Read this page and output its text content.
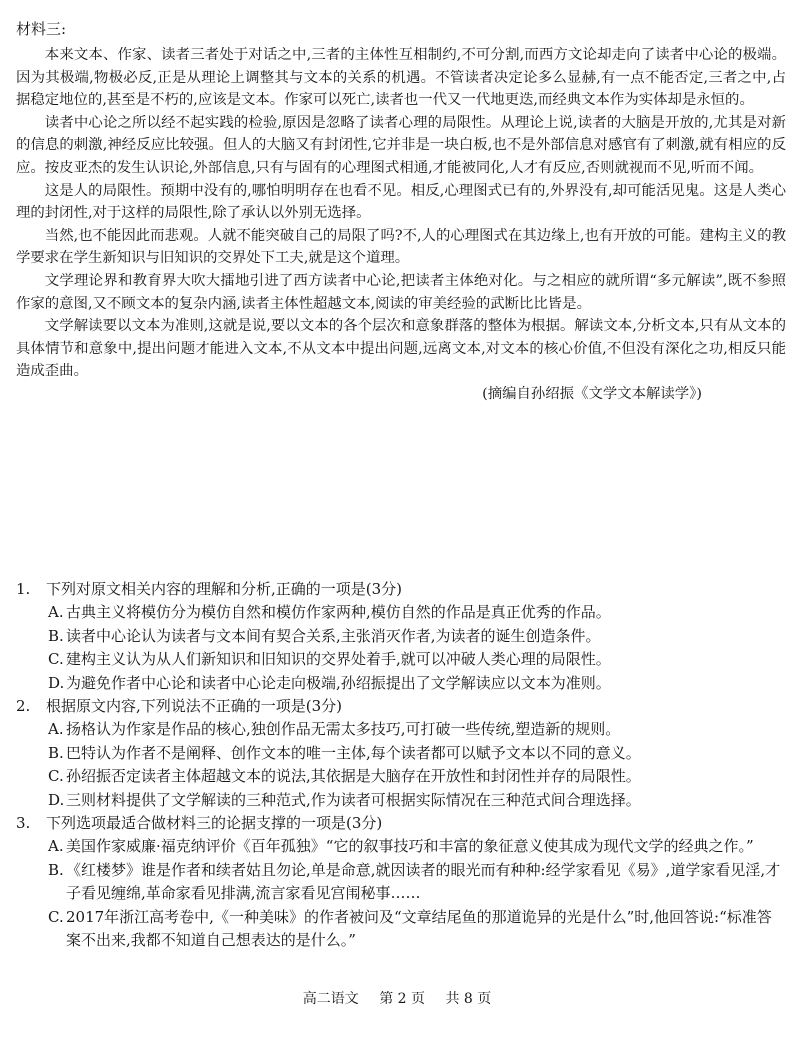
材料三:

本来文本、作家、读者三者处于对话之中,三者的主体性互相制约,不可分割,而西方文论却走向了读者中心论的极端。因为其极端,物极必反,正是从理论上调整其与文本的关系的机遇。不管读者决定论多么显赫,有一点不能否定,三者之中,占据稳定地位的,甚至是不朽的,应该是文本。作家可以死亡,读者也一代又一代地更迭,而经典文本作为实体却是永恒的。

读者中心论之所以经不起实践的检验,原因是忽略了读者心理的局限性。从理论上说,读者的大脑是开放的,尤其是对新的信息的刺激,神经反应比较强。但人的大脑又有封闭性,它并非是一块白板,也不是外部信息对感官有了刺激,就有相应的反应。按皮亚杰的发生认识论,外部信息,只有与固有的心理图式相通,才能被同化,人才有反应,否则就视而不见,听而不闻。

这是人的局限性。预期中没有的,哪怕明明存在也看不见。相反,心理图式已有的,外界没有,却可能活见鬼。这是人类心理的封闭性,对于这样的局限性,除了承认以外别无选择。

当然,也不能因此而悲观。人就不能突破自己的局限了吗?不,人的心理图式在其边缘上,也有开放的可能。建构主义的教学要求在学生新知识与旧知识的交界处下工夫,就是这个道理。

文学理论界和教育界大吹大擂地引进了西方读者中心论,把读者主体绝对化。与之相应的就所谓“多元解读”,既不参照作家的意图,又不顾文本的复杂内涵,读者主体性超越文本,阅读的审美经验的武断比比皆是。

文学解读要以文本为准则,这就是说,要以文本的各个层次和意象群落的整体为根据。解读文本,分析文本,只有从文本的具体情节和意象中,提出问题才能进入文本,不从文本中提出问题,远离文本,对文本的核心价值,不但没有深化之功,相反只能造成歪曲。

(摘编自孙绍振《文学文本解读学》)

1.	下列对原文相关内容的理解和分析,正确的一项是(3分)
A. 古典主义将模仿分为模仿自然和模仿作家两种,模仿自然的作品是真正优秀的作品。
B. 读者中心论认为读者与文本间有契合关系,主张消灭作者,为读者的诞生创造条件。
C. 建构主义认为从人们新知识和旧知识的交界处着手,就可以冲破人类心理的局限性。
D. 为避免作者中心论和读者中心论走向极端,孙绍振提出了文学解读应以文本为准则。
2.	根据原文内容,下列说法不正确的一项是(3分)
A. 扬格认为作家是作品的核心,独创作品无需太多技巧,可打破一些传统,塑造新的规则。
B. 巴特认为作者不是阐释、创作文本的唯一主体,每个读者都可以赋予文本以不同的意义。
C. 孙绍振否定读者主体超越文本的说法,其依据是大脑存在开放性和封闭性并存的局限性。
D. 三则材料提供了文学解读的三种范式,作为读者可根据实际情况在三种范式间合理选择。
3.	下列选项最适合做材料三的论据支撑的一项是(3分)
A. 美国作家威廉·福克纳评价《百年孤独》“它的叙事技巧和丰富的象征意义使其成为现代文学的经典之作。”
B. 《红楼梦》谁是作者和续者姑且勿论,单是命意,就因读者的眼光而有种种:经学家看见《易》,道学家看见淫,才子看见缠绵,革命家看见排满,流言家看见宫闱秘事……
C. 2017年浙江高考卷中,《一种美味》的作者被问及“文章结尾鱼的那道诡异的光是什么”时,他回答说:“标准答案不出来,我都不知道自己想表达的是什么。”
高二语文 第 2 页 共 8 页
